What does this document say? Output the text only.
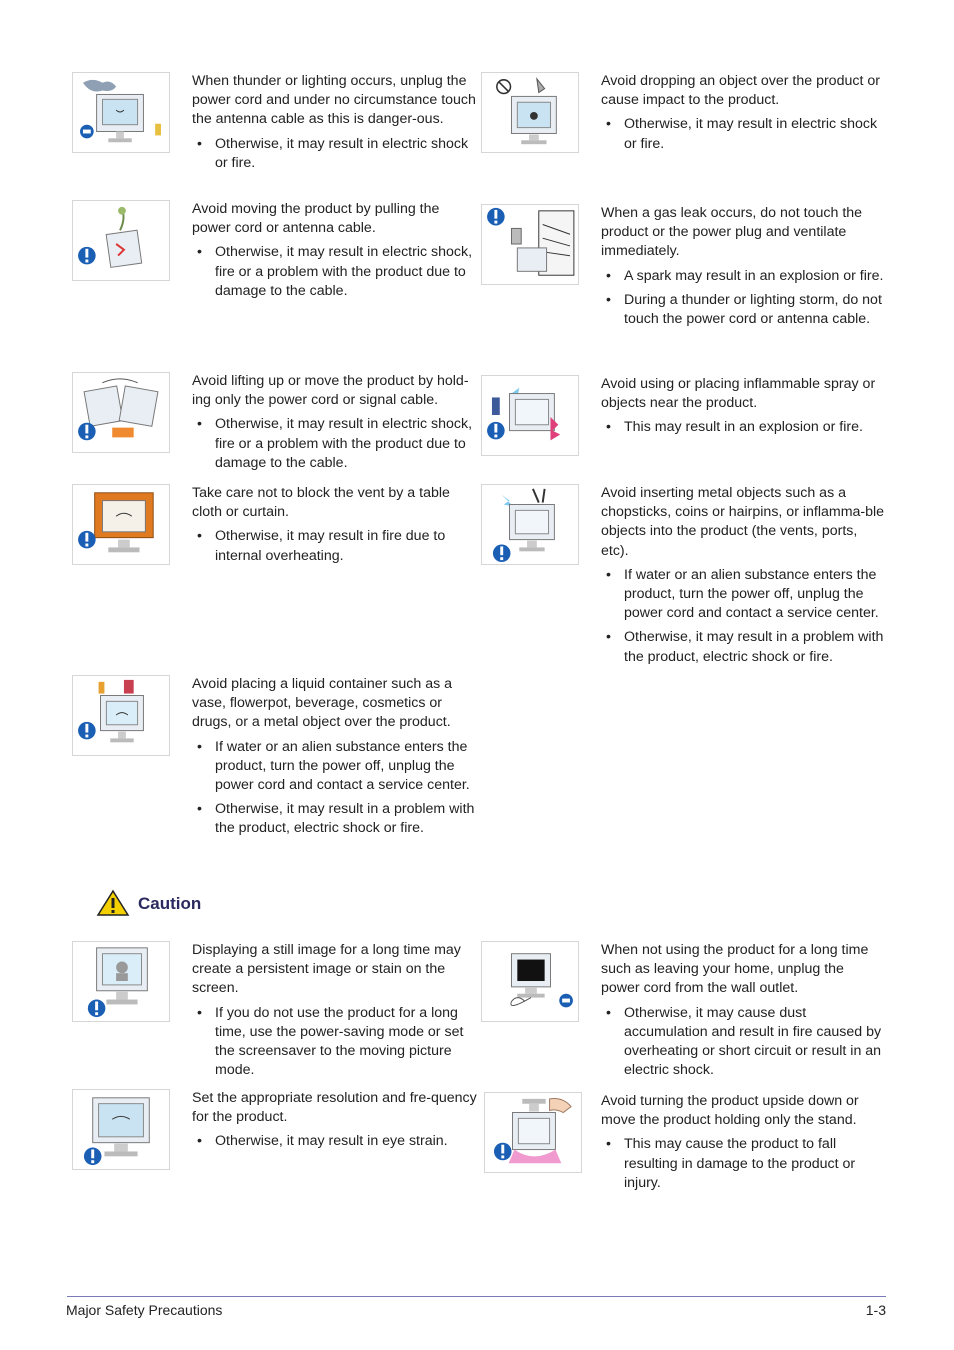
When thunder or lighting occurs, unplug the power cord and under no circumstance touch the antenna cable as this is danger-ous.

• Otherwise, it may result in electric shock or fire.

Avoid moving the product by pulling the power cord or antenna cable.

• Otherwise, it may result in electric shock, fire or a problem with the product due to damage to the cable.

Avoid lifting up or move the product by hold-ing only the power cord or signal cable.

• Otherwise, it may result in electric shock, fire or a problem with the product due to damage to the cable.

Take care not to block the vent by a table cloth or curtain.

• Otherwise, it may result in fire due to internal overheating.

Avoid placing a liquid container such as a vase, flowerpot, beverage, cosmetics or drugs, or a metal object over the product.

• If water or an alien substance enters the product, turn the power off, unplug the power cord and contact a service center.
• Otherwise, it may result in a problem with the product, electric shock or fire.

Avoid dropping an object over the product or cause impact to the product.

• Otherwise, it may result in electric shock or fire.

When a gas leak occurs, do not touch the product or the power plug and ventilate immediately.

• A spark may result in an explosion or fire.
• During a thunder or lighting storm, do not touch the power cord or antenna cable.

Avoid using or placing inflammable spray or objects near the product.

• This may result in an explosion or fire.

Avoid inserting metal objects such as a chopsticks, coins or hairpins, or inflamma-ble objects into the product (the vents, ports, etc).

• If water or an alien substance enters the product, turn the power off, unplug the power cord and contact a service center.
• Otherwise, it may result in a problem with the product, electric shock or fire.
Caution

Displaying a still image for a long time may create a persistent image or stain on the screen.

• If you do not use the product for a long time, use the power-saving mode or set the screensaver to the moving picture mode.

When not using the product for a long time such as leaving your home, unplug the power cord from the wall outlet.

• Otherwise, it may cause dust accumulation and result in fire caused by overheating or short circuit or result in an electric shock.

Set the appropriate resolution and fre-quency for the product.

• Otherwise, it may result in eye strain.

Avoid turning the product upside down or move the product holding only the stand.

• This may cause the product to fall resulting in damage to the product or injury.
Major Safety Precautions	1-3
